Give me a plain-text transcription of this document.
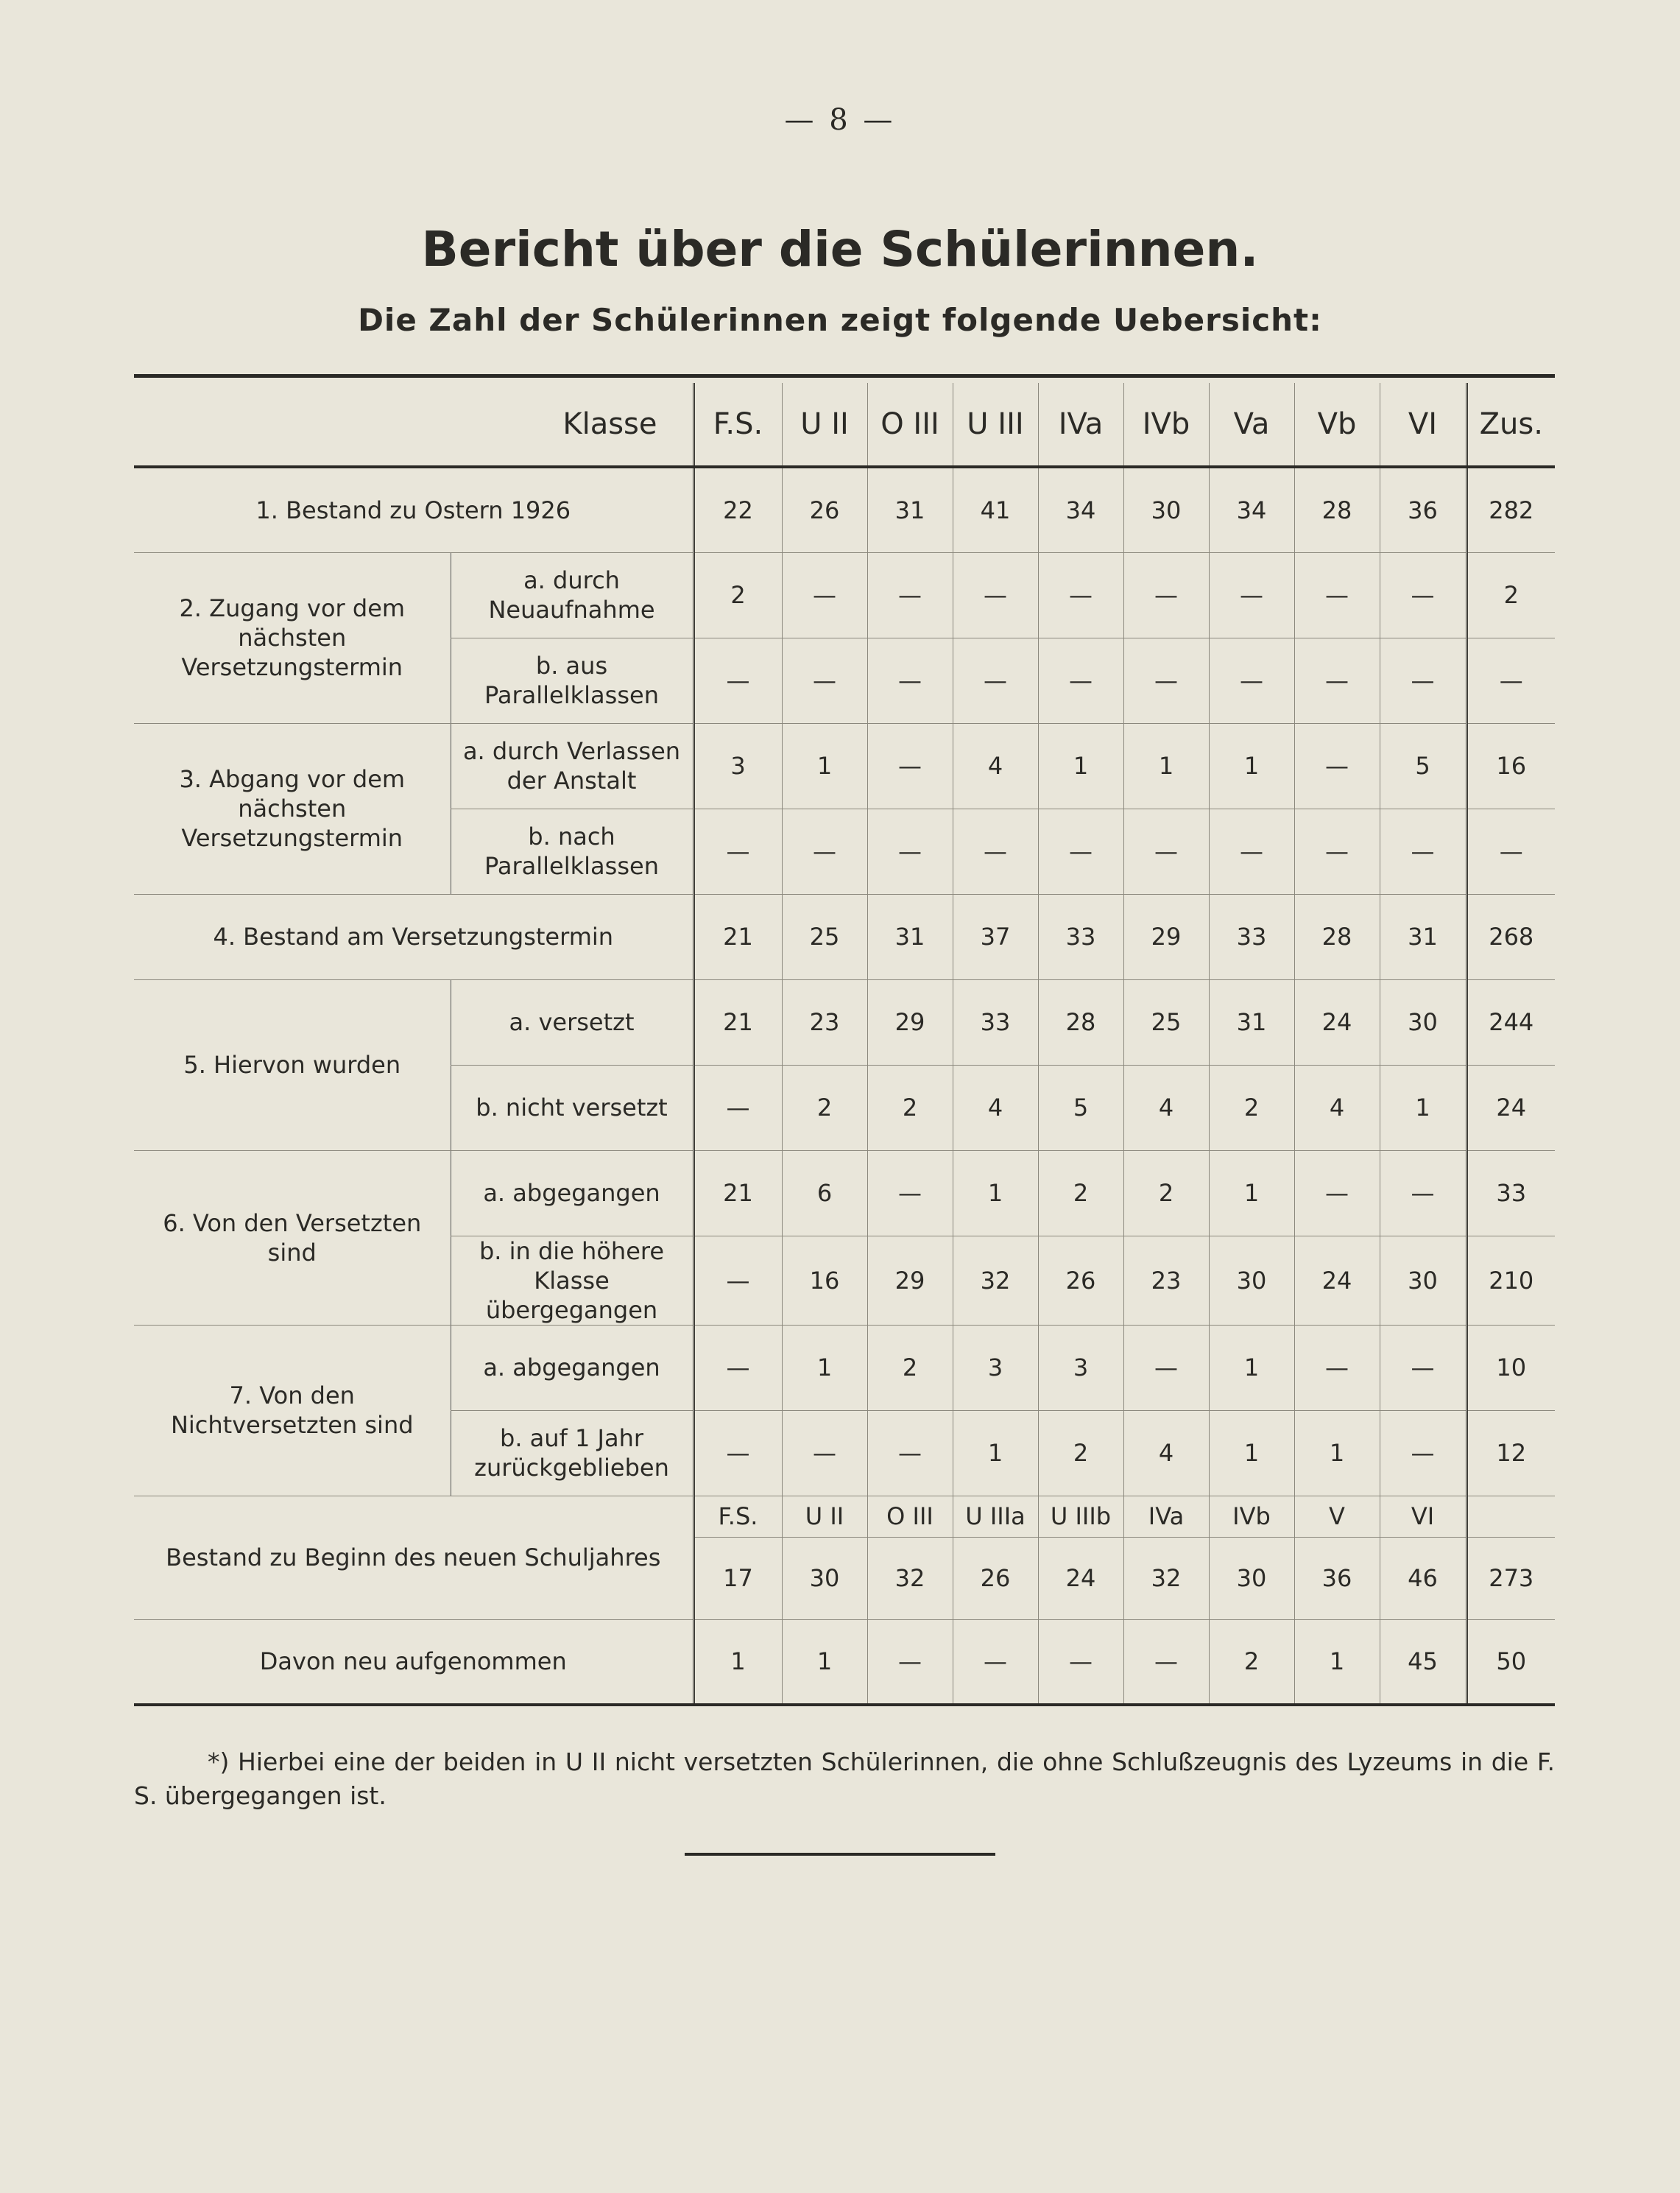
— 8 —
Bericht über die Schülerinnen.
Die Zahl der Schülerinnen zeigt folgende Uebersicht:
Klasse		F.S.	U II	O III	U III	IVa	IVb	Va	Vb	VI	Zus.
1. Bestand zu Ostern 1926		22	26	31	41	34	30	34	28	36	282
2. Zugang vor dem nächsten Versetzungstermin	a. durch Neuaufnahme	2	—	—	—	—	—	—	—	—	2
	b. aus Parallelklassen	—	—	—	—	—	—	—	—	—	—
3. Abgang vor dem nächsten Versetzungstermin	a. durch Verlassen der Anstalt	3	1	—	4	1	1	1	—	5	16
	b. nach Parallelklassen	—	—	—	—	—	—	—	—	—	—
4. Bestand am Versetzungstermin		21	25	31	37	33	29	33	28	31	268
5. Hiervon wurden	a. versetzt	21	23	29	33	28	25	31	24	30	244
	b. nicht versetzt	—	2	2	4	5	4	2	4	1	24
6. Von den Versetzten sind	a. abgegangen	21	6	—	1	2	2	1	—	—	33
	b. in die höhere Klasse übergegangen	—	16	29	32	26	23	30	24	30	210
7. Von den Nichtversetzten sind	a. abgegangen	—	1	2	3	3	—	1	—	—	10
	b. auf 1 Jahr zurückgeblieben	—	—	—	1	2	4	1	1	—	12
Bestand zu Beginn des neuen Schuljahres		F.S.	U II	O III	U IIIa	U IIIb	IVa	IVb	V	VI	
		17	30	32	26	24	32	30	36	46	273
Davon neu aufgenommen		1	1	—	—	—	—	2	1	45	50
*) Hierbei eine der beiden in U II nicht versetzten Schülerinnen, die ohne Schlußzeugnis des Lyzeums in die F. S. übergegangen ist.
